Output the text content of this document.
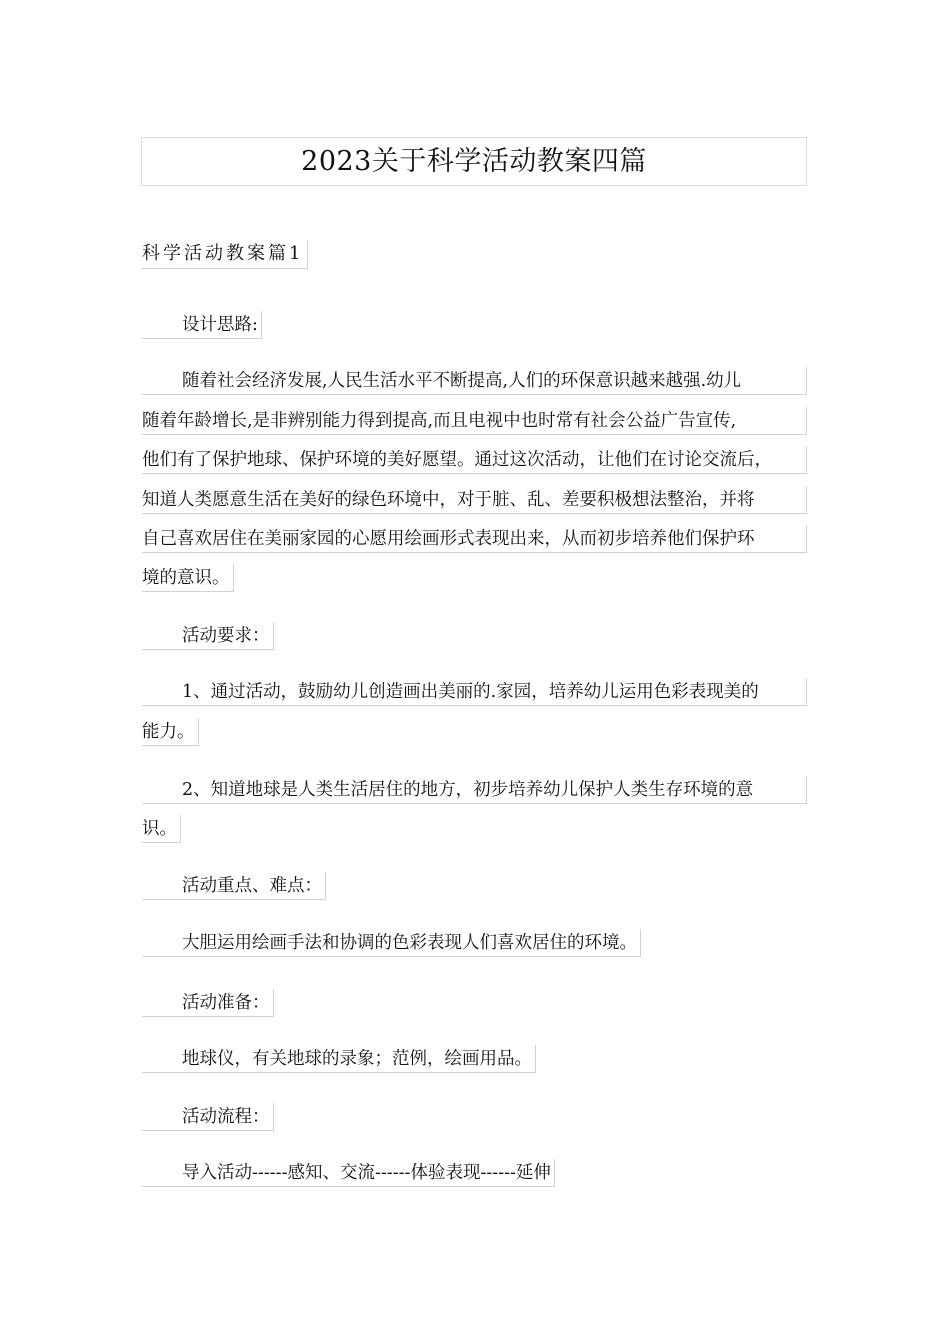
2023关于科学活动教案四篇
科学活动教案篇1
设计思路:
随着社会经济发展,人民生活水平不断提高,人们的环保意识越来越强.幼儿
随着年龄增长,是非辨别能力得到提高,而且电视中也时常有社会公益广告宣传,
他们有了保护地球、保护环境的美好愿望。通过这次活动，让他们在讨论交流后，
知道人类愿意生活在美好的绿色环境中，对于脏、乱、差要积极想法整治，并将
自己喜欢居住在美丽家园的心愿用绘画形式表现出来，从而初步培养他们保护环
境的意识。
活动要求：
1、通过活动，鼓励幼儿创造画出美丽的.家园，培养幼儿运用色彩表现美的
能力。
2、知道地球是人类生活居住的地方，初步培养幼儿保护人类生存环境的意
识。
活动重点、难点：
大胆运用绘画手法和协调的色彩表现人们喜欢居住的环境。
活动准备：
地球仪，有关地球的录象；范例，绘画用品。
活动流程：
导入活动------感知、交流------体验表现------延伸
